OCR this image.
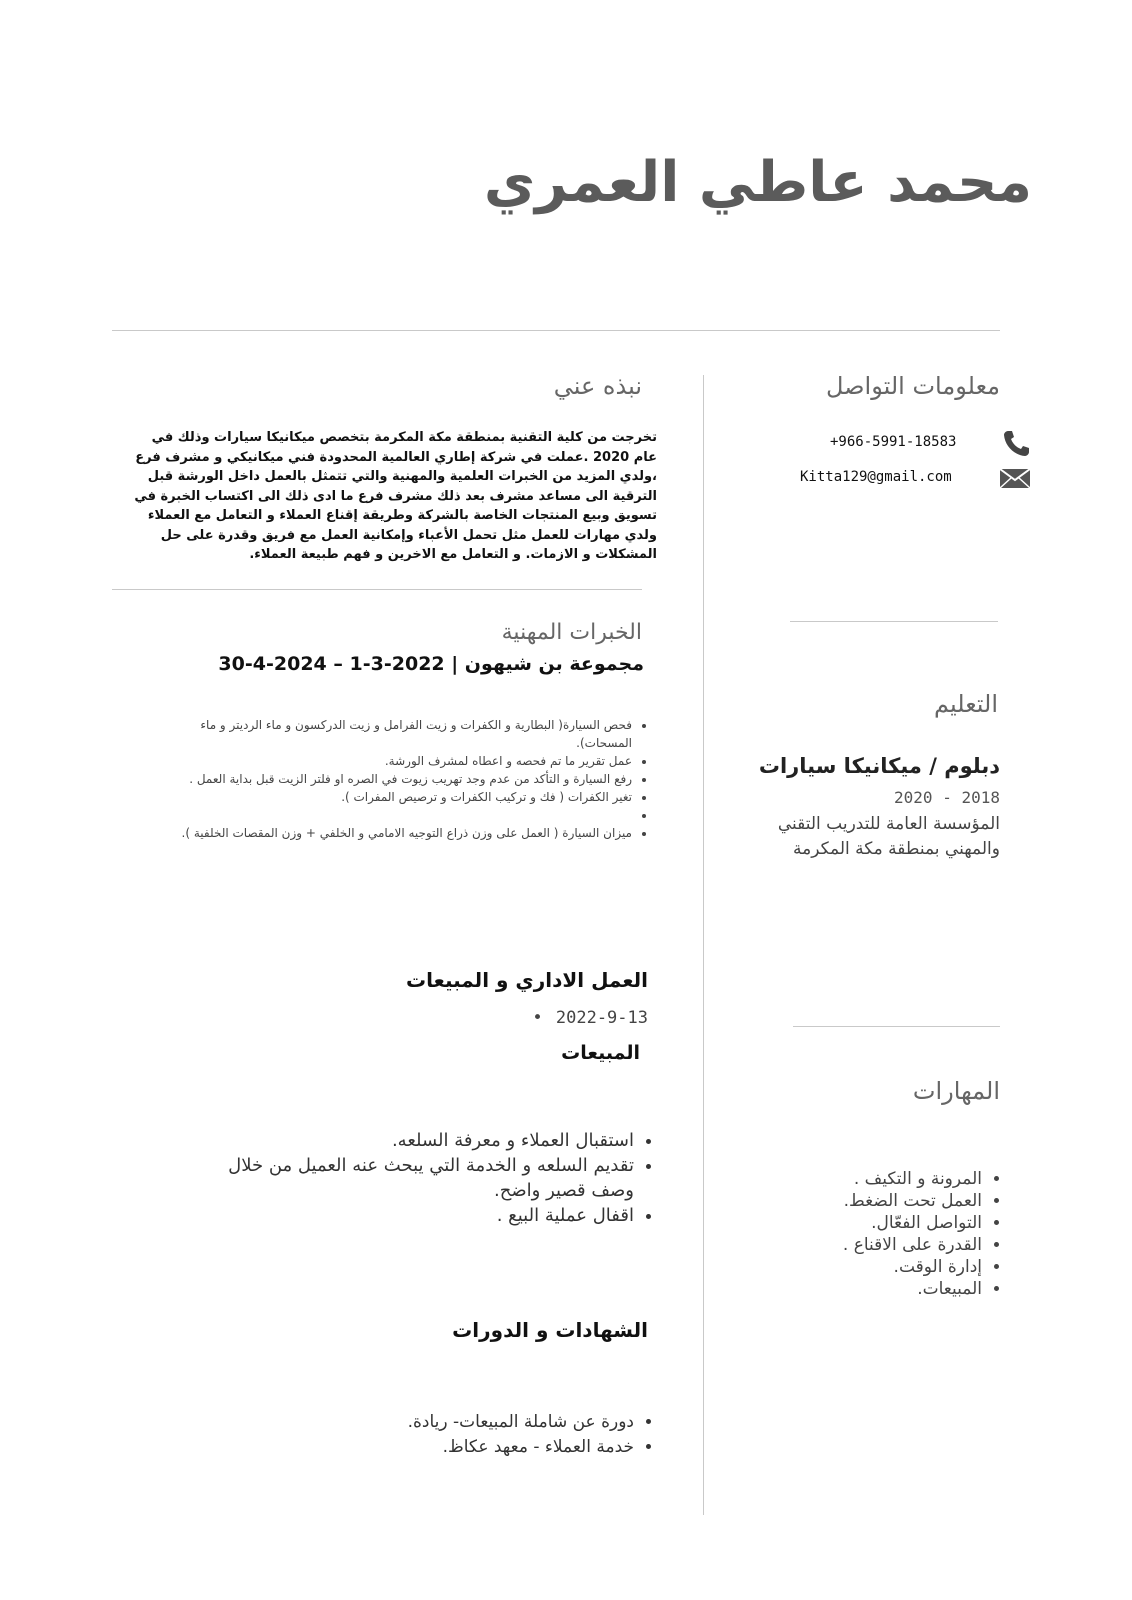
محمد عاطي العمري
معلومات التواصل
+966-5991-18583
Kitta129@gmail.com
التعليم
دبلوم / ميكانيكا سيارات
2020 - 2018
المؤسسة العامة للتدريب التقني
والمهني بمنطقة مكة المكرمة
المهارات
• المرونة و التكيف .
• العمل تحت الضغط.
• التواصل الفعّال.
• القدرة على الاقناع .
• إدارة الوقت.
• المبيعات.
نبذه عني
تخرجت من كلية التقنية بمنطقة مكة المكرمة بتخصص ميكانيكا سيارات وذلك في عام 2020 .عملت في شركة إطاري العالمية المحدودة فني ميكانيكي و مشرف فرع ،ولدي المزيد من الخبرات العلمية والمهنية والتي تتمثل بالعمل داخل الورشة قبل الترقية الى مساعد مشرف بعد ذلك مشرف فرع ما ادى ذلك الى اكتساب الخبرة في تسويق وبيع المنتجات الخاصة بالشركة وطريقة إقناع العملاء و التعامل مع العملاء ولدي مهارات للعمل مثل تحمل الأعباء وإمكانية العمل مع فريق وقدرة على حل المشكلات و الازمات. و التعامل مع الاخرين و فهم طبيعة العملاء.
الخبرات المهنية
مجموعة بن شيهون | 2022-3-1 – 2024-4-30
• فحص السيارة( البطارية و الكفرات و زيت الفرامل و زيت الدركسون و ماء الرديتر و ماء المسحات).
• عمل تقرير ما تم فحصه و اعطاه لمشرف الورشة.
• رفع السيارة و التأكد من عدم وجد تهريب زيوت في الصره او فلتر الزيت قبل بداية العمل .
• تغير الكفرات ( فك و تركيب الكفرات و ترصيص المفرات ).
•
• ميزان السيارة ( العمل على وزن ذراع التوجيه الامامي و الخلفي + وزن المقصات الخلفية ).
العمل الاداري و المبيعات
2022-9-13 •
المبيعات
• استقبال العملاء و معرفة السلعه.
• تقديم السلعه و الخدمة التي يبحث عنه العميل من خلال وصف قصير واضح.
• اقفال عملية البيع .
الشهادات و الدورات
• دورة عن شاملة المبيعات- ريادة.
• خدمة العملاء - معهد عكاظ.
